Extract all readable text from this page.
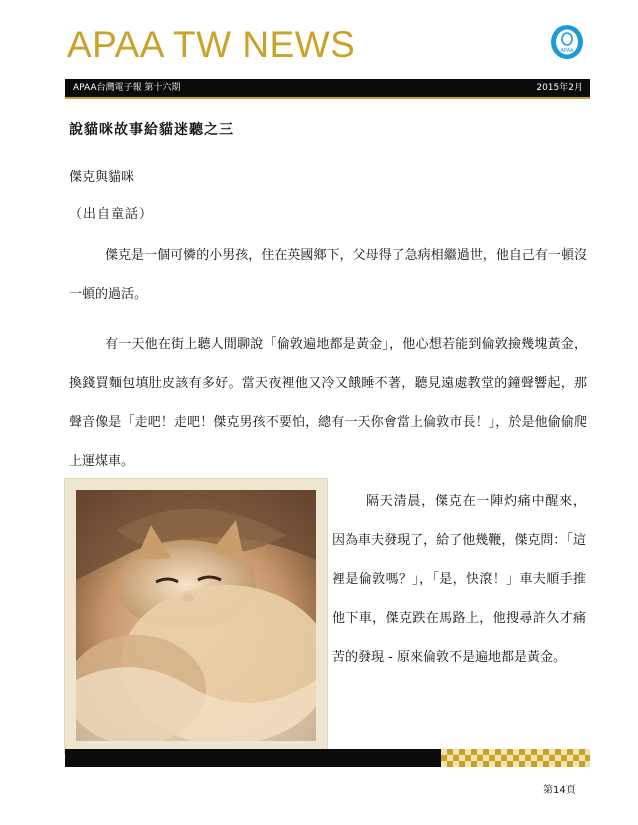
APAA TW NEWS	APAA
APAA台灣電子報 第十六期	2015年2月
說貓咪故事給貓迷聽之三
傑克與貓咪
（出自童話）
傑克是一個可憐的小男孩，住在英國鄉下，父母得了急病相繼過世，他自己有一頓沒一頓的過活。
有一天他在街上聽人閒聊說「倫敦遍地都是黃金」，他心想若能到倫敦撿幾塊黃金，換錢買麵包填肚皮該有多好。當天夜裡他又冷又餓睡不著，聽見遠處教堂的鐘聲響起，那聲音像是「走吧！走吧！傑克男孩不要怕，總有一天你會當上倫敦市長！」，於是他偷偷爬上運煤車。
隔天清晨，傑克在一陣灼痛中醒來，因為車夫發現了，給了他幾鞭，傑克問：「這裡是倫敦嗎？」，「是，快滾！」車夫順手推他下車，傑克跌在馬路上，他搜尋許久才痛苦的發現 - 原來倫敦不是遍地都是黃金。
第14頁
